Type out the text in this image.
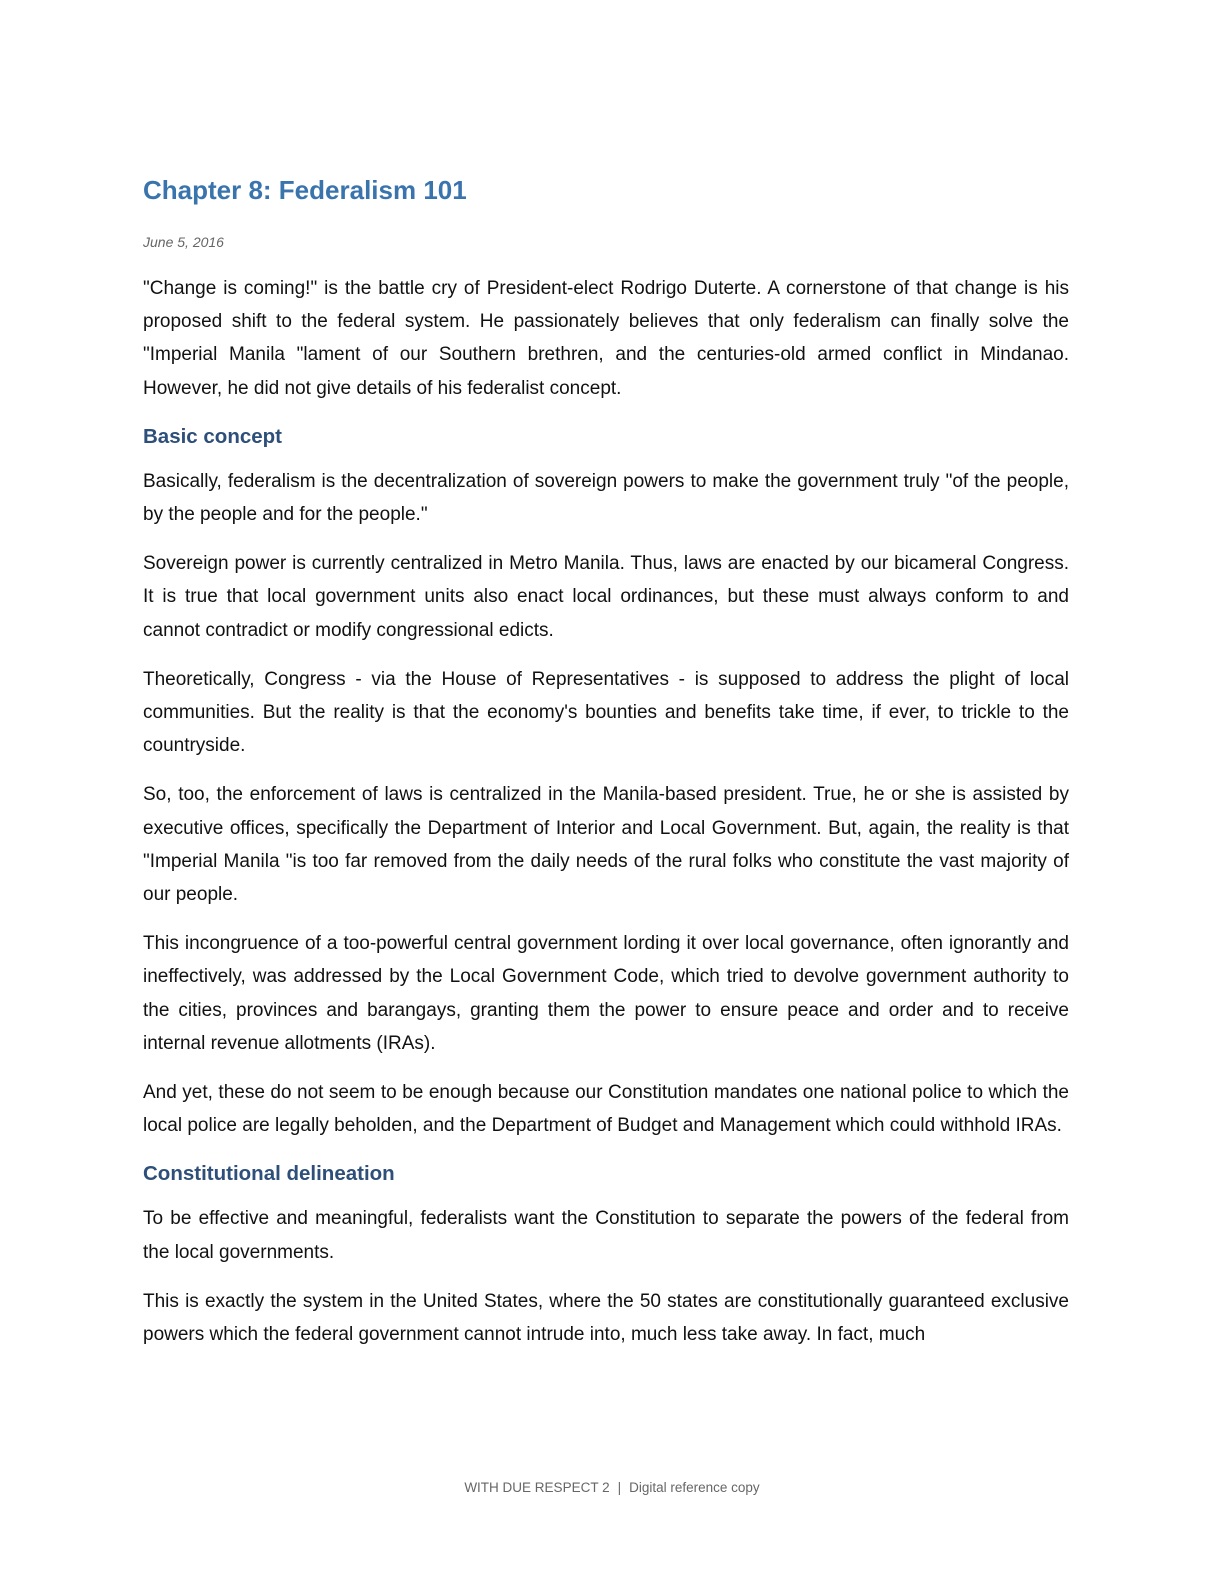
Chapter 8: Federalism 101
June 5, 2016

"Change is coming!" is the battle cry of President-elect Rodrigo Duterte. A cornerstone of that change is his proposed shift to the federal system. He passionately believes that only federalism can finally solve the "Imperial Manila "lament of our Southern brethren, and the centuries-old armed conflict in Mindanao. However, he did not give details of his federalist concept.

Basic concept

Basically, federalism is the decentralization of sovereign powers to make the government truly "of the people, by the people and for the people."

Sovereign power is currently centralized in Metro Manila. Thus, laws are enacted by our bicameral Congress. It is true that local government units also enact local ordinances, but these must always conform to and cannot contradict or modify congressional edicts.

Theoretically, Congress - via the House of Representatives - is supposed to address the plight of local communities. But the reality is that the economy's bounties and benefits take time, if ever, to trickle to the countryside.

So, too, the enforcement of laws is centralized in the Manila-based president. True, he or she is assisted by executive offices, specifically the Department of Interior and Local Government. But, again, the reality is that "Imperial Manila "is too far removed from the daily needs of the rural folks who constitute the vast majority of our people.

This incongruence of a too-powerful central government lording it over local governance, often ignorantly and ineffectively, was addressed by the Local Government Code, which tried to devolve government authority to the cities, provinces and barangays, granting them the power to ensure peace and order and to receive internal revenue allotments (IRAs).

And yet, these do not seem to be enough because our Constitution mandates one national police to which the local police are legally beholden, and the Department of Budget and Management which could withhold IRAs.

Constitutional delineation

To be effective and meaningful, federalists want the Constitution to separate the powers of the federal from the local governments.

This is exactly the system in the United States, where the 50 states are constitutionally guaranteed exclusive powers which the federal government cannot intrude into, much less take away. In fact, much

WITH DUE RESPECT 2 | Digital reference copy
